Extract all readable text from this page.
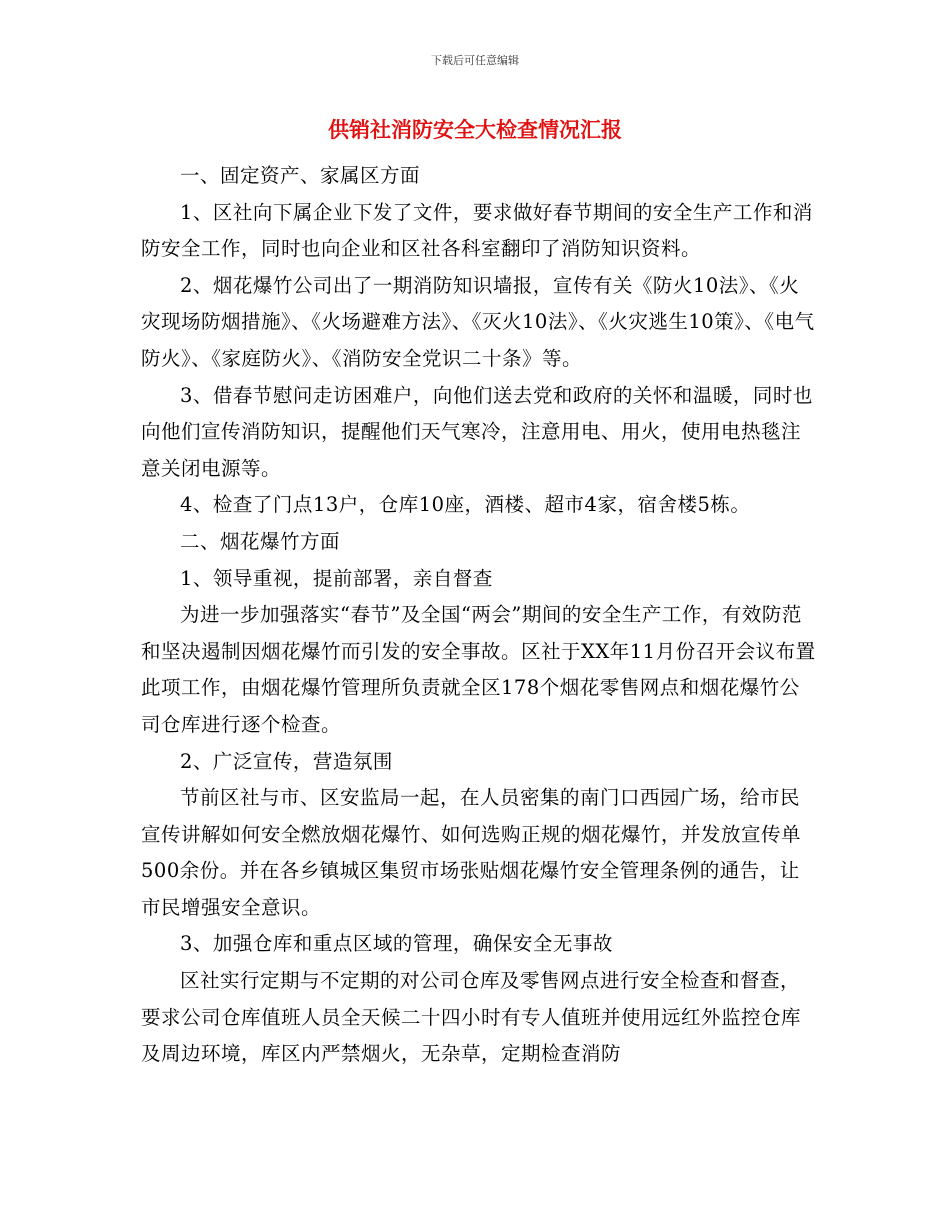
下载后可任意编辑
供销社消防安全大检查情况汇报

一、固定资产、家属区方面

1、区社向下属企业下发了文件，要求做好春节期间的安全生产工作和消防安全工作，同时也向企业和区社各科室翻印了消防知识资料。

2、烟花爆竹公司出了一期消防知识墙报，宣传有关《防火10法》、《火灾现场防烟措施》、《火场避难方法》、《灭火10法》、《火灾逃生10策》、《电气防火》、《家庭防火》、《消防安全党识二十条》等。

3、借春节慰问走访困难户，向他们送去党和政府的关怀和温暖，同时也向他们宣传消防知识，提醒他们天气寒冷，注意用电、用火，使用电热毯注意关闭电源等。

4、检查了门点13户，仓库10座，酒楼、超市4家，宿舍楼5栋。

二、烟花爆竹方面

1、领导重视，提前部署，亲自督查

为进一步加强落实“春节”及全国“两会”期间的安全生产工作，有效防范和坚决遏制因烟花爆竹而引发的安全事故。区社于XX年11月份召开会议布置此项工作，由烟花爆竹管理所负责就全区178个烟花零售网点和烟花爆竹公司仓库进行逐个检查。

2、广泛宣传，营造氛围

节前区社与市、区安监局一起，在人员密集的南门口西园广场，给市民宣传讲解如何安全燃放烟花爆竹、如何选购正规的烟花爆竹，并发放宣传单500余份。并在各乡镇城区集贸市场张贴烟花爆竹安全管理条例的通告，让市民增强安全意识。

3、加强仓库和重点区域的管理，确保安全无事故

区社实行定期与不定期的对公司仓库及零售网点进行安全检查和督查，要求公司仓库值班人员全天候二十四小时有专人值班并使用远红外监控仓库及周边环境，库区内严禁烟火，无杂草，定期检查消防
